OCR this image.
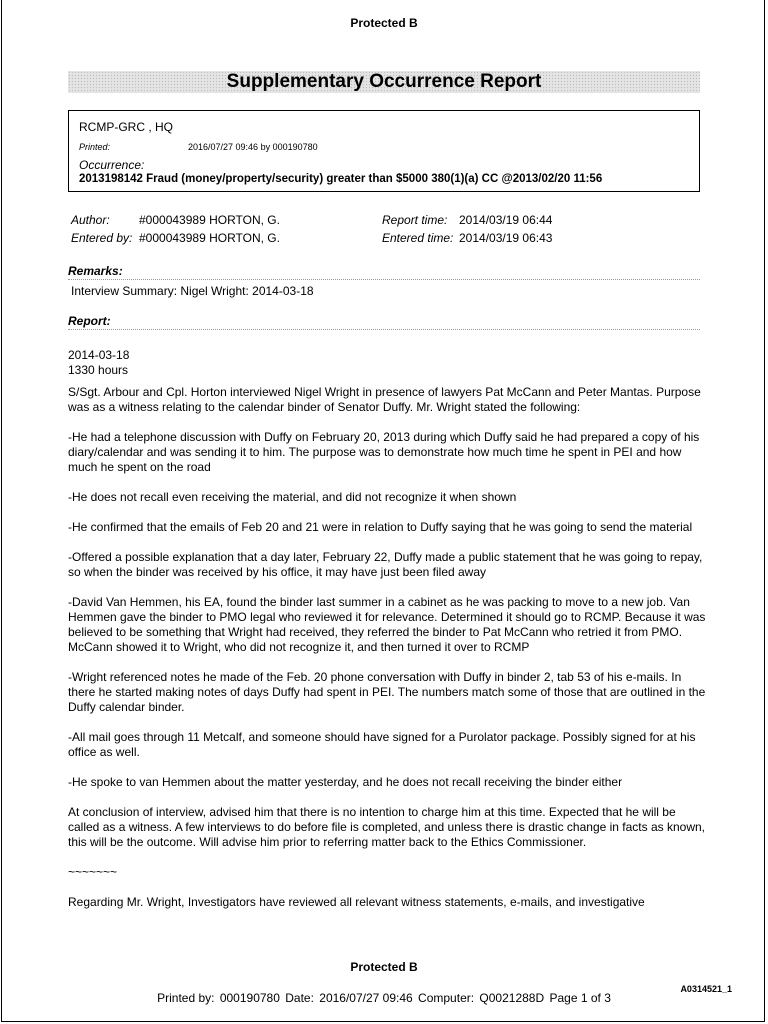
Protected B
Supplementary Occurrence Report
RCMP-GRC , HQ
Printed:	2016/07/27 09:46 by 000190780
Occurrence:
2013198142 Fraud (money/property/security) greater than $5000 380(1)(a) CC @2013/02/20 11:56
Author: #000043989 HORTON, G.
Entered by: #000043989 HORTON, G.
Report time: 2014/03/19 06:44
Entered time: 2014/03/19 06:43
Remarks:
Interview Summary: Nigel Wright: 2014-03-18
Report:

2014-03-18
1330 hours

S/Sgt. Arbour and Cpl. Horton interviewed Nigel Wright in presence of lawyers Pat McCann and Peter Mantas. Purpose was as a witness relating to the calendar binder of Senator Duffy. Mr. Wright stated the following:

-He had a telephone discussion with Duffy on February 20, 2013 during which Duffy said he had prepared a copy of his diary/calendar and was sending it to him. The purpose was to demonstrate how much time he spent in PEI and how much he spent on the road

-He does not recall even receiving the material, and did not recognize it when shown

-He confirmed that the emails of Feb 20 and 21 were in relation to Duffy saying that he was going to send the material

-Offered a possible explanation that a day later, February 22, Duffy made a public statement that he was going to repay, so when the binder was received by his office, it may have just been filed away

-David Van Hemmen, his EA, found the binder last summer in a cabinet as he was packing to move to a new job. Van Hemmen gave the binder to PMO legal who reviewed it for relevance. Determined it should go to RCMP. Because it was believed to be something that Wright had received, they referred the binder to Pat McCann who retried it from PMO. McCann showed it to Wright, who did not recognize it, and then turned it over to RCMP

-Wright referenced notes he made of the Feb. 20 phone conversation with Duffy in binder 2, tab 53 of his e-mails. In there he started making notes of days Duffy had spent in PEI. The numbers match some of those that are outlined in the Duffy calendar binder.

-All mail goes through 11 Metcalf, and someone should have signed for a Purolator package. Possibly signed for at his office as well.

-He spoke to van Hemmen about the matter yesterday, and he does not recall receiving the binder either

At conclusion of interview, advised him that there is no intention to charge him at this time. Expected that he will be called as a witness. A few interviews to do before file is completed, and unless there is drastic change in facts as known, this will be the outcome. Will advise him prior to referring matter back to the Ethics Commissioner.

~~~~~~~

Regarding Mr. Wright, Investigators have reviewed all relevant witness statements, e-mails, and investigative

Protected B
A0314521_1
Printed by: 000190780 Date: 2016/07/27 09:46 Computer: Q0021288D Page 1 of 3
